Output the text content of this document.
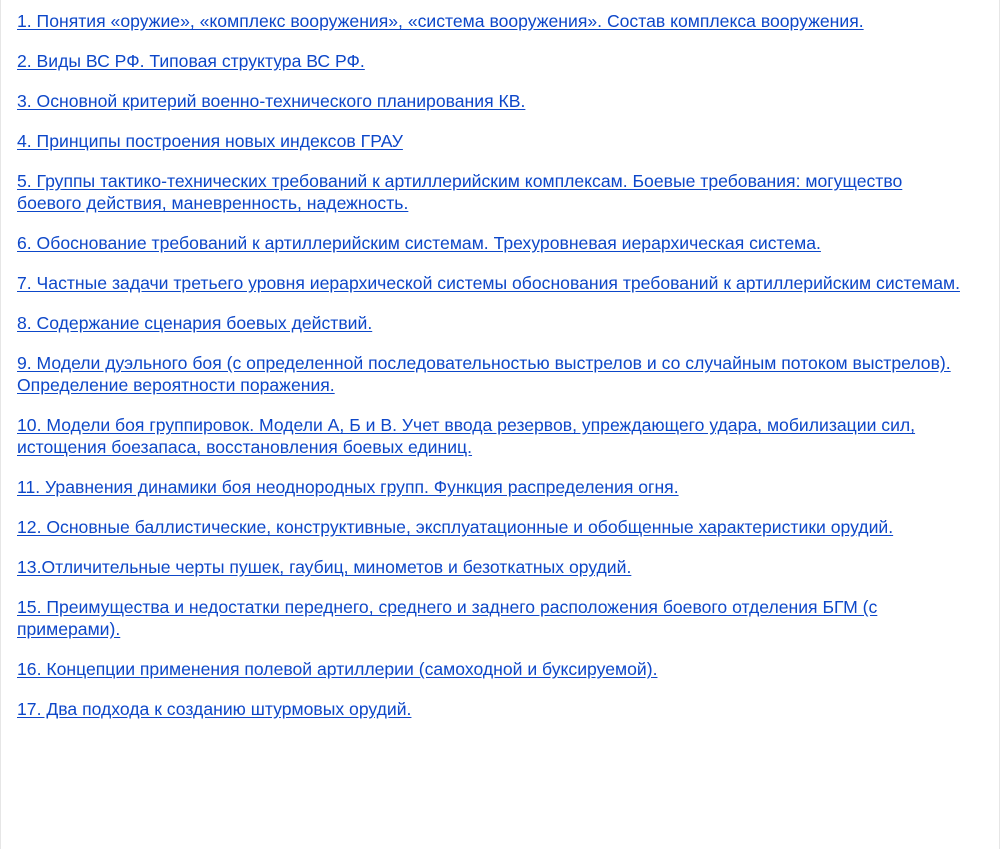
1. Понятия «оружие», «комплекс вооружения», «система вооружения». Состав комплекса вооружения.
2. Виды ВС РФ. Типовая структура ВС РФ.
3. Основной критерий военно-технического планирования КВ.
4. Принципы построения новых индексов ГРАУ
5. Группы тактико-технических требований к артиллерийским комплексам. Боевые требования: могущество боевого действия, маневренность, надежность.
6. Обоснование требований к артиллерийским системам. Трехуровневая иерархическая система.
7. Частные задачи третьего уровня иерархической системы обоснования требований к артиллерийским системам.
8. Содержание сценария боевых действий.
9. Модели дуэльного боя (с определенной последовательностью выстрелов и со случайным потоком выстрелов). Определение вероятности поражения.
10. Модели боя группировок. Модели А, Б и В. Учет ввода резервов, упреждающего удара, мобилизации сил, истощения боезапаса, восстановления боевых единиц.
11. Уравнения динамики боя неоднородных групп. Функция распределения огня.
12. Основные баллистические, конструктивные, эксплуатационные и обобщенные характеристики орудий.
13.Отличительные черты пушек, гаубиц, минометов и безоткатных орудий.
15. Преимущества и недостатки переднего, среднего и заднего расположения боевого отделения БГМ (с примерами).
16. Концепции применения полевой артиллерии (самоходной и буксируемой).
17. Два подхода к созданию штурмовых орудий.
